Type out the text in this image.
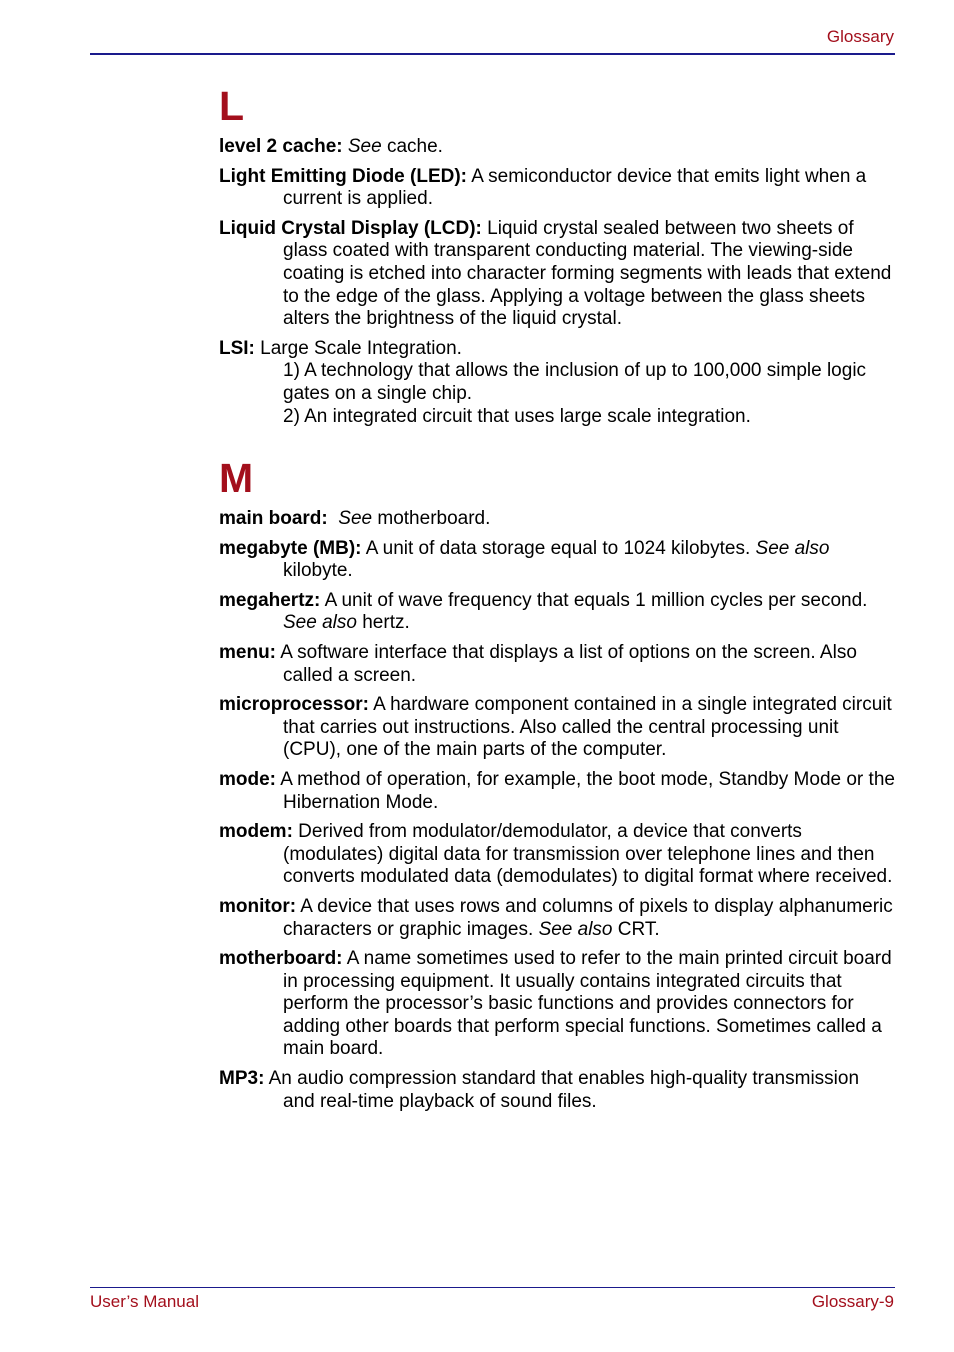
Glossary
L

level 2 cache: See cache.

Light Emitting Diode (LED): A semiconductor device that emits light when a current is applied.

Liquid Crystal Display (LCD): Liquid crystal sealed between two sheets of glass coated with transparent conducting material. The viewing-side coating is etched into character forming segments with leads that extend to the edge of the glass. Applying a voltage between the glass sheets alters the brightness of the liquid crystal.

LSI: Large Scale Integration.

1) A technology that allows the inclusion of up to 100,000 simple logic gates on a single chip.

2) An integrated circuit that uses large scale integration.

M

main board: See motherboard.

megabyte (MB): A unit of data storage equal to 1024 kilobytes. See also kilobyte.

megahertz: A unit of wave frequency that equals 1 million cycles per second. See also hertz.

menu: A software interface that displays a list of options on the screen. Also called a screen.

microprocessor: A hardware component contained in a single integrated circuit that carries out instructions. Also called the central processing unit (CPU), one of the main parts of the computer.

mode: A method of operation, for example, the boot mode, Standby Mode or the Hibernation Mode.

modem: Derived from modulator/demodulator, a device that converts (modulates) digital data for transmission over telephone lines and then converts modulated data (demodulates) to digital format where received.

monitor: A device that uses rows and columns of pixels to display alphanumeric characters or graphic images. See also CRT.

motherboard: A name sometimes used to refer to the main printed circuit board in processing equipment. It usually contains integrated circuits that perform the processor’s basic functions and provides connectors for adding other boards that perform special functions. Sometimes called a main board.

MP3: An audio compression standard that enables high-quality transmission and real-time playback of sound files.

User’s Manual	Glossary-9
